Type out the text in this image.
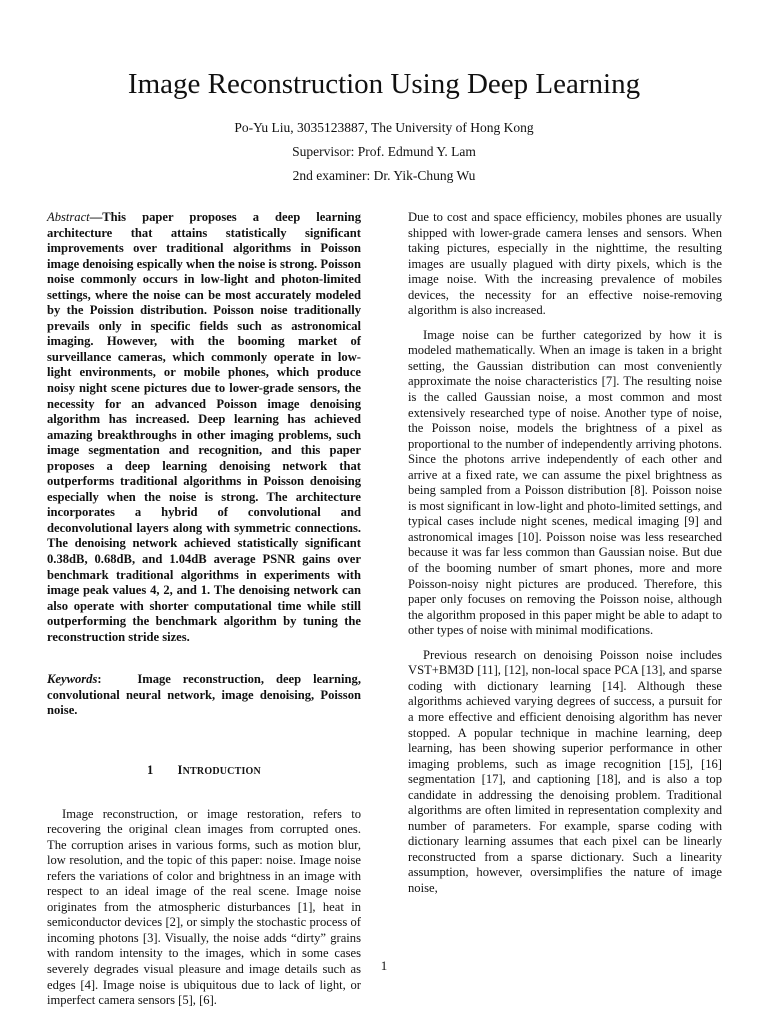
Image Reconstruction Using Deep Learning
Po-Yu Liu, 3035123887, The University of Hong Kong
Supervisor: Prof. Edmund Y. Lam
2nd examiner: Dr. Yik-Chung Wu

Abstract—This paper proposes a deep learning architecture that attains statistically significant improvements over traditional algorithms in Poisson image denoising espically when the noise is strong. Poisson noise commonly occurs in low-light and photon-limited settings, where the noise can be most accurately modeled by the Poission distribution. Poisson noise traditionally prevails only in specific fields such as astronomical imaging. However, with the booming market of surveillance cameras, which commonly operate in low-light environments, or mobile phones, which produce noisy night scene pictures due to lower-grade sensors, the necessity for an advanced Poisson image denoising algorithm has increased. Deep learning has achieved amazing breakthroughs in other imaging problems, such image segmentation and recognition, and this paper proposes a deep learning denoising network that outperforms traditional algorithms in Poisson denoising especially when the noise is strong. The architecture incorporates a hybrid of convolutional and deconvolutional layers along with symmetric connections. The denoising network achieved statistically significant 0.38dB, 0.68dB, and 1.04dB average PSNR gains over benchmark traditional algorithms in experiments with image peak values 4, 2, and 1. The denoising network can also operate with shorter computational time while still outperforming the benchmark algorithm by tuning the reconstruction stride sizes.

Keywords:	Image reconstruction, deep learning, convolutional neural network, image denoising, Poisson noise.

1 INTRODUCTION

Image reconstruction, or image restoration, refers to recovering the original clean images from corrupted ones. The corruption arises in various forms, such as motion blur, low resolution, and the topic of this paper: noise. Image noise refers the variations of color and brightness in an image with respect to an ideal image of the real scene. Image noise originates from the atmospheric disturbances [1], heat in semiconductor devices [2], or simply the stochastic process of incoming photons [3]. Visually, the noise adds “dirty” grains with random intensity to the images, which in some cases severely degrades visual pleasure and image details such as edges [4]. Image noise is ubiquitous due to lack of light, or imperfect camera sensors [5], [6].

Due to cost and space efficiency, mobiles phones are usually shipped with lower-grade camera lenses and sensors. When taking pictures, especially in the nighttime, the resulting images are usually plagued with dirty pixels, which is the image noise. With the increasing prevalence of mobiles devices, the necessity for an effective noise-removing algorithm is also increased.

Image noise can be further categorized by how it is modeled mathematically. When an image is taken in a bright setting, the Gaussian distribution can most conveniently approximate the noise characteristics [7]. The resulting noise is the called Gaussian noise, a most common and most extensively researched type of noise. Another type of noise, the Poisson noise, models the brightness of a pixel as proportional to the number of independently arriving photons. Since the photons arrive independently of each other and arrive at a fixed rate, we can assume the pixel brightness as being sampled from a Poisson distribution [8]. Poisson noise is most significant in low-light and photo-limited settings, and typical cases include night scenes, medical imaging [9] and astronomical images [10]. Poisson noise was less researched because it was far less common than Gaussian noise. But due of the booming number of smart phones, more and more Poisson-noisy night pictures are produced. Therefore, this paper only focuses on removing the Poisson noise, although the algorithm proposed in this paper might be able to adapt to other types of noise with minimal modifications.

Previous research on denoising Poisson noise includes VST+BM3D [11], [12], non-local space PCA [13], and sparse coding with dictionary learning [14]. Although these algorithms achieved varying degrees of success, a pursuit for a more effective and efficient denoising algorithm has never stopped. A popular technique in machine learning, deep learning, has been showing superior performance in other imaging problems, such as image recognition [15], [16] segmentation [17], and captioning [18], and is also a top candidate in addressing the denoising problem. Traditional algorithms are often limited in representation complexity and number of parameters. For example, sparse coding with dictionary learning assumes that each pixel can be linearly reconstructed from a sparse dictionary. Such a linearity assumption, however, oversimplifies the nature of image noise,

1
